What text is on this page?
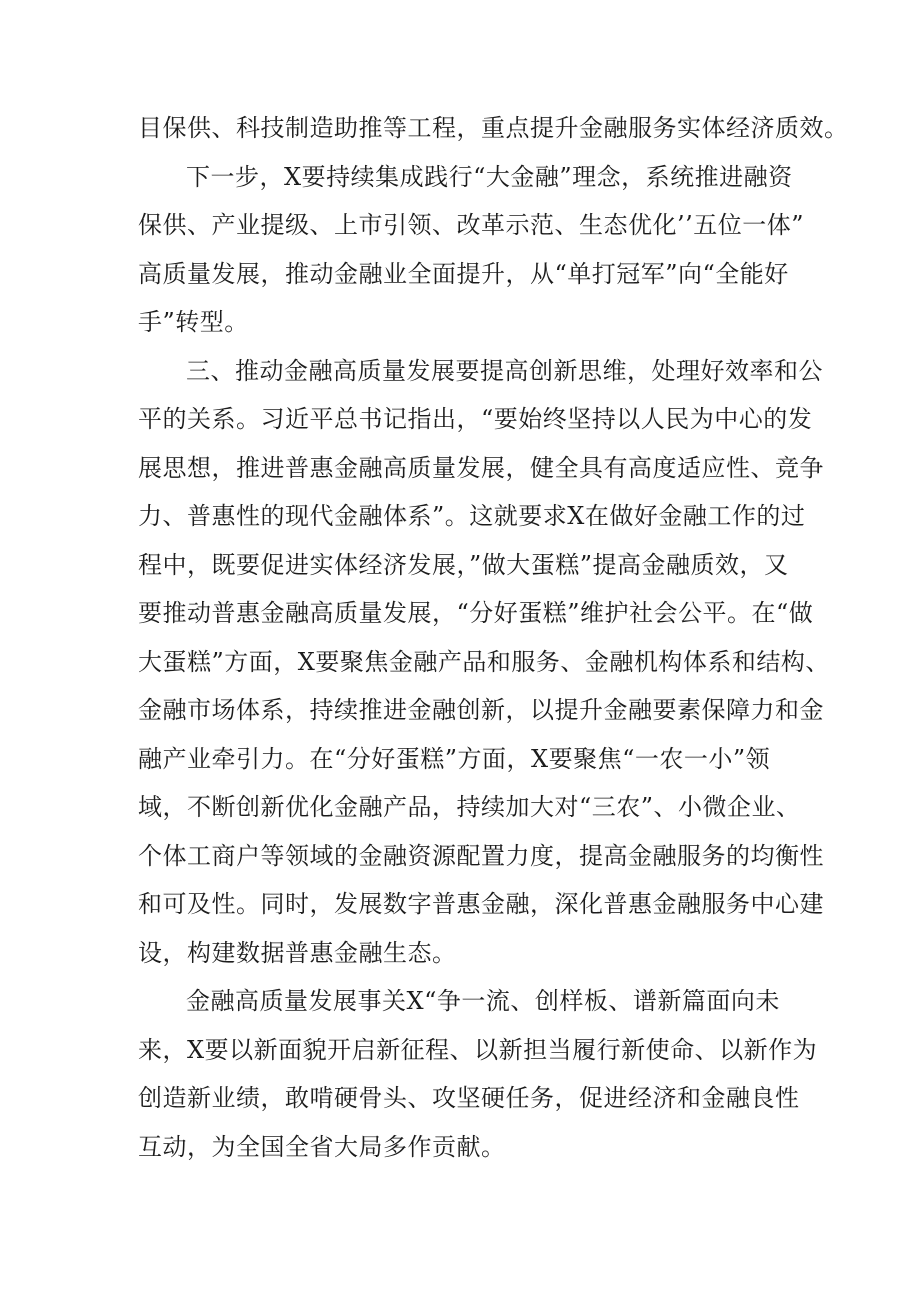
目保供、科技制造助推等工程，重点提升金融服务实体经济质效。
下一步，X要持续集成践行“大金融”理念，系统推进融资
保供、产业提级、上市引领、改革示范、生态优化’’五位一体”
高质量发展，推动金融业全面提升，从“单打冠军”向“全能好
手”转型。
三、推动金融高质量发展要提高创新思维，处理好效率和公
平的关系。习近平总书记指出，“要始终坚持以人民为中心的发
展思想，推进普惠金融高质量发展，健全具有高度适应性、竞争
力、普惠性的现代金融体系”。这就要求X在做好金融工作的过
程中，既要促进实体经济发展，”做大蛋糕”提高金融质效，又
要推动普惠金融高质量发展，“分好蛋糕”维护社会公平。在“做
大蛋糕”方面，X要聚焦金融产品和服务、金融机构体系和结构、
金融市场体系，持续推进金融创新，以提升金融要素保障力和金
融产业牵引力。在“分好蛋糕”方面，X要聚焦“一农一小”领
域，不断创新优化金融产品，持续加大对“三农”、小微企业、
个体工商户等领域的金融资源配置力度，提高金融服务的均衡性
和可及性。同时，发展数字普惠金融，深化普惠金融服务中心建
设，构建数据普惠金融生态。
金融高质量发展事关X“争一流、创样板、谱新篇面向未
来，X要以新面貌开启新征程、以新担当履行新使命、以新作为
创造新业绩，敢啃硬骨头、攻坚硬任务，促进经济和金融良性
互动，为全国全省大局多作贡献。
